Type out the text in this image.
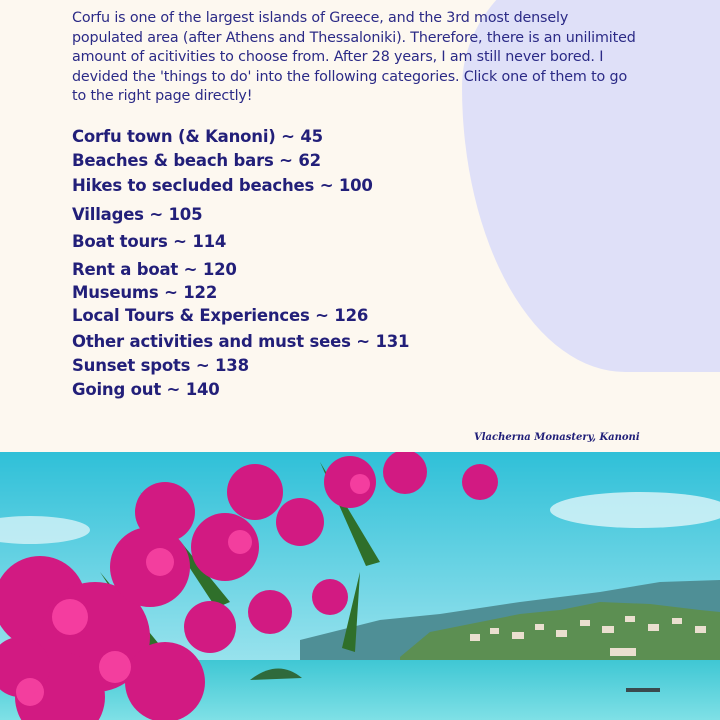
Corfu is one of the largest islands of Greece, and the 3rd most densely populated area (after Athens and Thessaloniki). Therefore, there is an unilimited amount of acitivities to choose from. After 28 years, I am still never bored. I devided the 'things to do' into the following categories. Click one of them to go to the right page directly!

Corfu town (& Kanoni) ~ 45
Beaches & beach bars ~ 62
Hikes to secluded beaches ~ 100
Villages ~ 105
Boat tours ~ 114
Rent a boat ~ 120
Museums ~ 122
Local Tours & Experiences ~ 126
Other activities and must sees ~ 131
Sunset spots ~ 138
Going out ~ 140
Vlacherna Monastery, Kanoni
